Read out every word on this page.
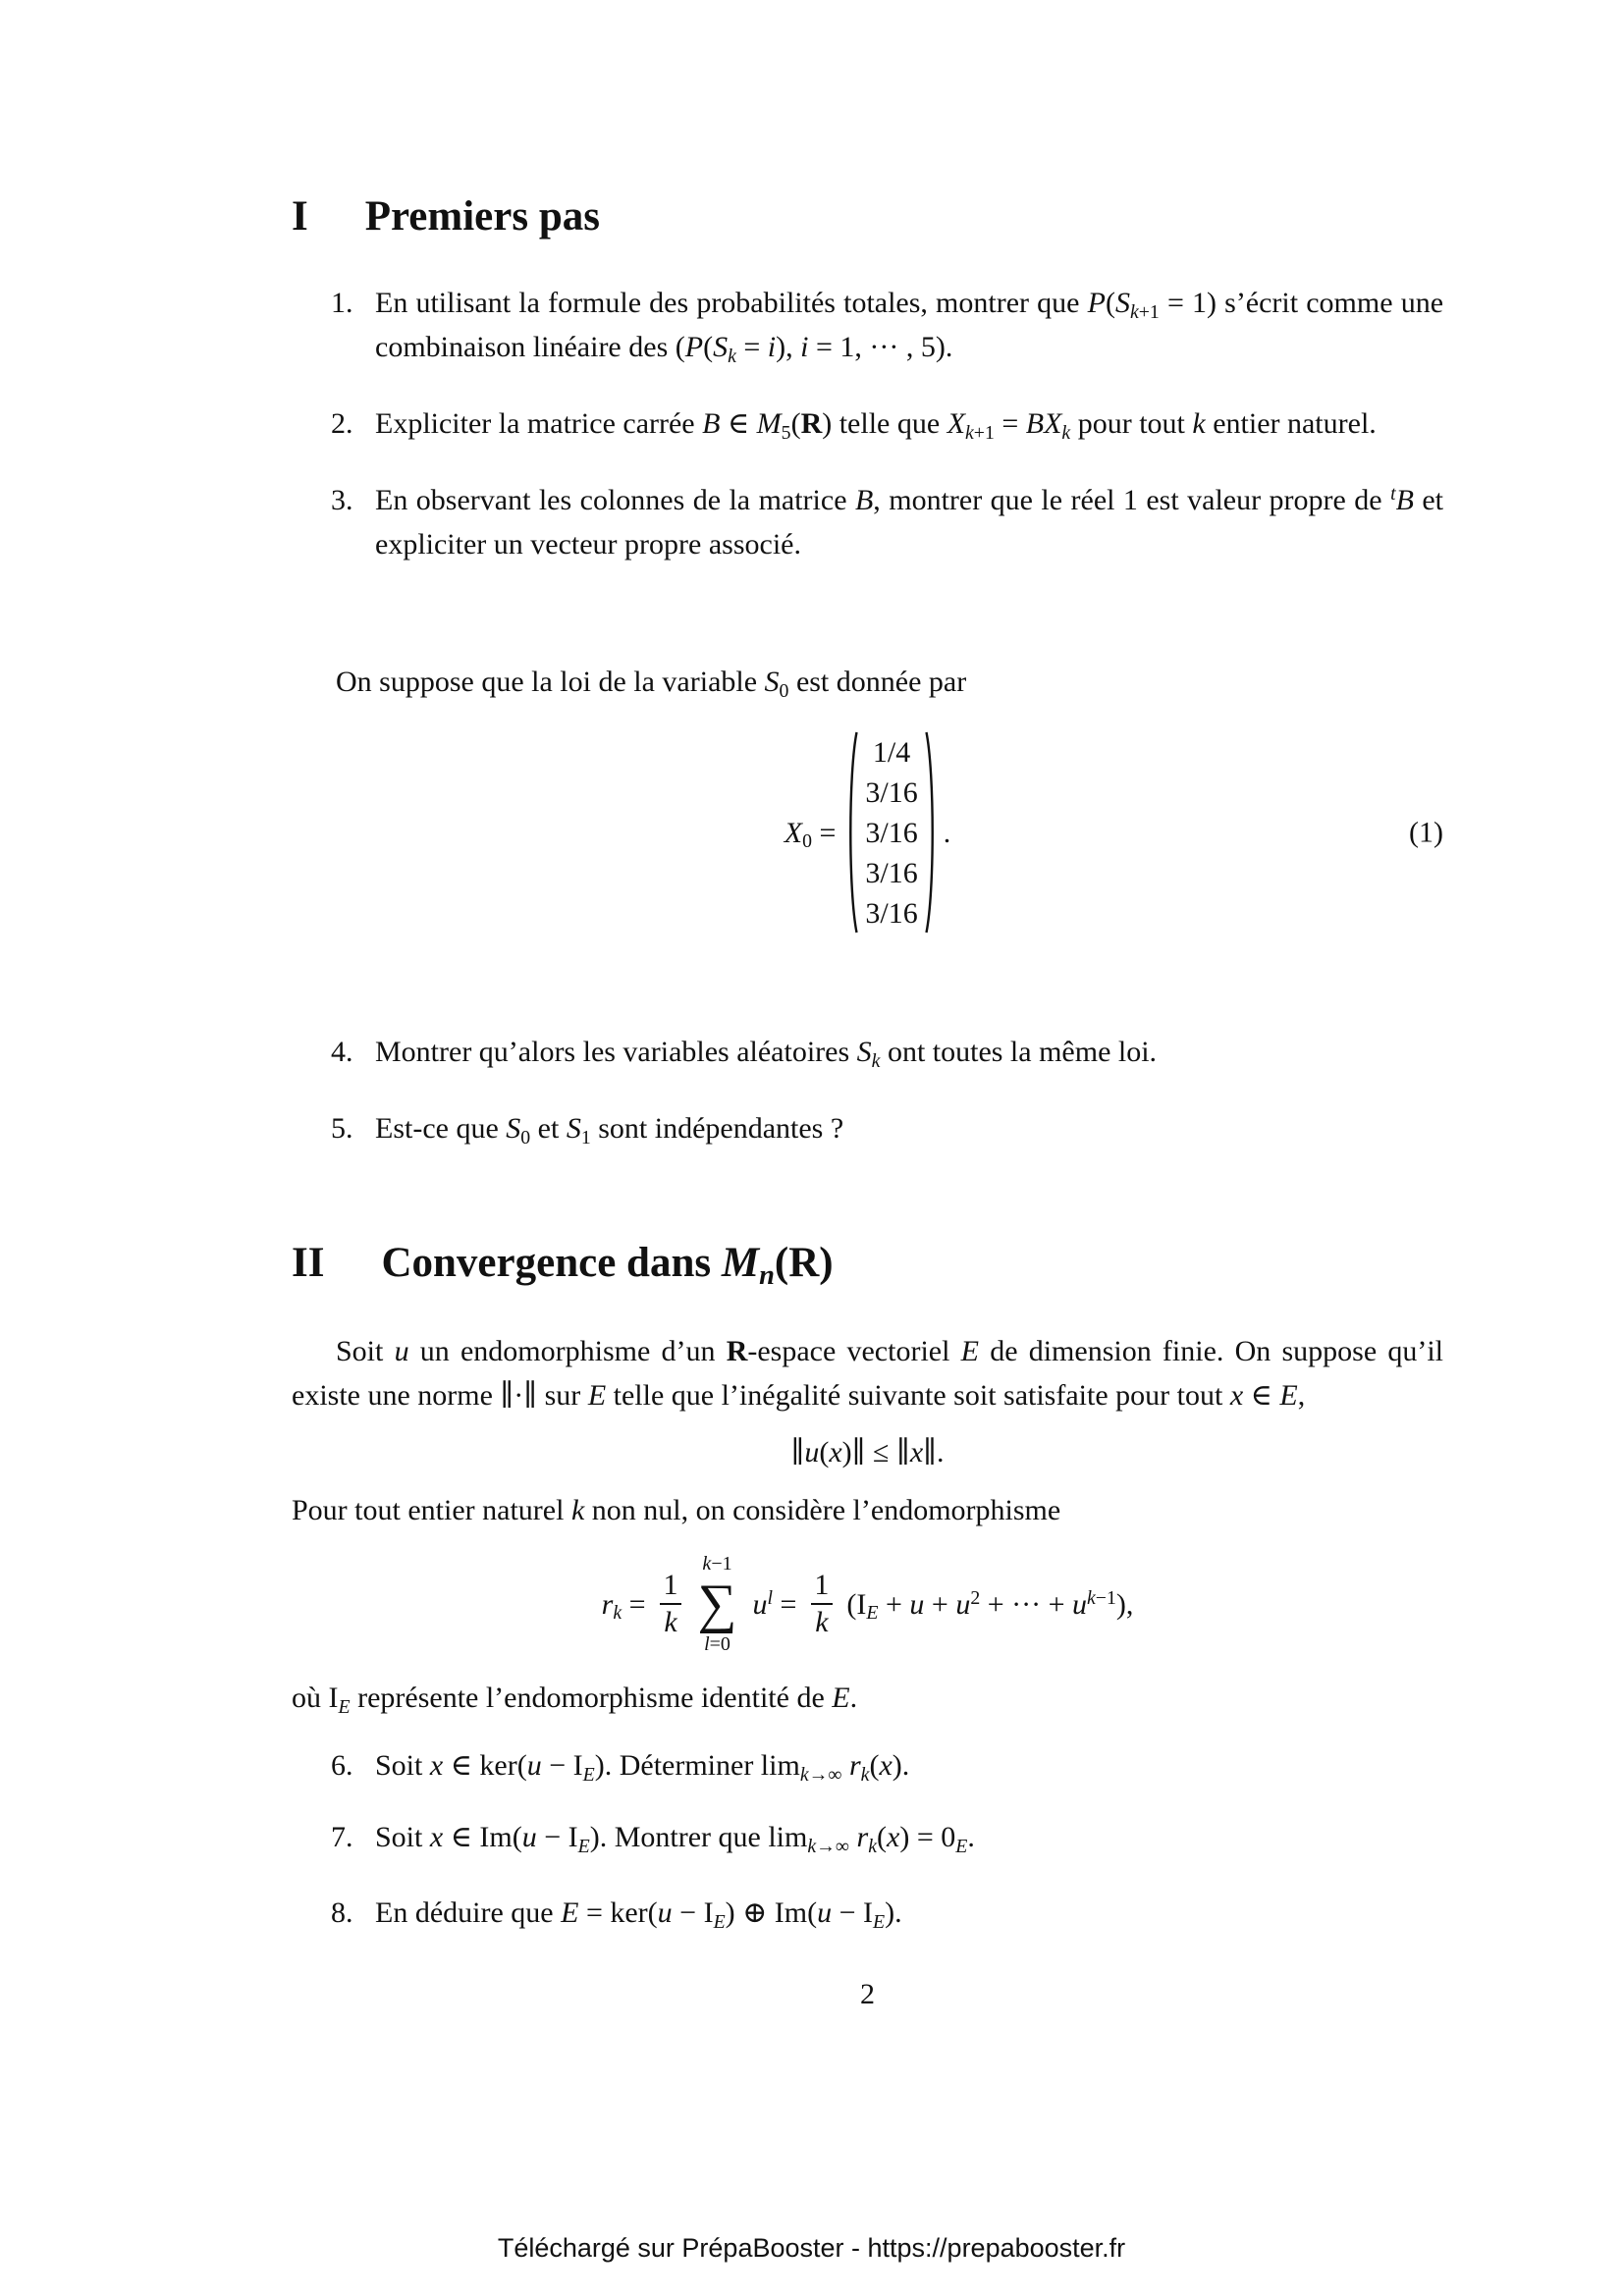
I Premiers pas
1. En utilisant la formule des probabilités totales, montrer que $P(S_{k+1} = 1)$ s’écrit comme une combinaison linéaire des ($P(S_k = i)$, i = 1, ··· , 5).
2. Expliciter la matrice carrée B ∈ $M_5(R)$ telle que $X_{k+1} = BX_k$ pour tout k entier naturel.
3. En observant les colonnes de la matrice B, montrer que le réel 1 est valeur propre de $^t$B et expliciter un vecteur propre associé.

On suppose que la loi de la variable $S_0$ est donnée par

$X_0$ =
1/4
3/16
3/16
3/16
3/16
.	(1)
4. Montrer qu’alors les variables aléatoires $S_k$ ont toutes la même loi.
5. Est-ce que $S_0$ et $S_1$ sont indépendantes ?
II Convergence dans $M_n(R)$

Soit u un endomorphisme d’un R-espace vectoriel E de dimension finie. On suppose qu’il existe une norme ∥·∥ sur E telle que l’inégalité suivante soit satisfaite pour tout x ∈ E,

∥u(x)∥ ≤ ∥x∥.

Pour tout entier naturel k non nul, on considère l’endomorphisme

$r_k = \frac{1}{k}$
k−1
∑
l=0
$u^l = \frac{1}{k} (I_E + u + u^2$ + ··· + $u^{k-1}$),

où $I_E$ représente l’endomorphisme identité de E.

6. Soit x ∈ $ker(u - I_E)$. Déterminer $\lim_{k\to\infty} r_k(x)$.
7. Soit x ∈ $Im(u - I_E)$. Montrer que $\lim_{k\to\infty} r_k(x) = 0_E$.
8. En déduire que $E = ker(u - I_E)$ ⊕ $Im(u - I_E)$.
2
Téléchargé sur PrépaBooster - https://prepabooster.fr
